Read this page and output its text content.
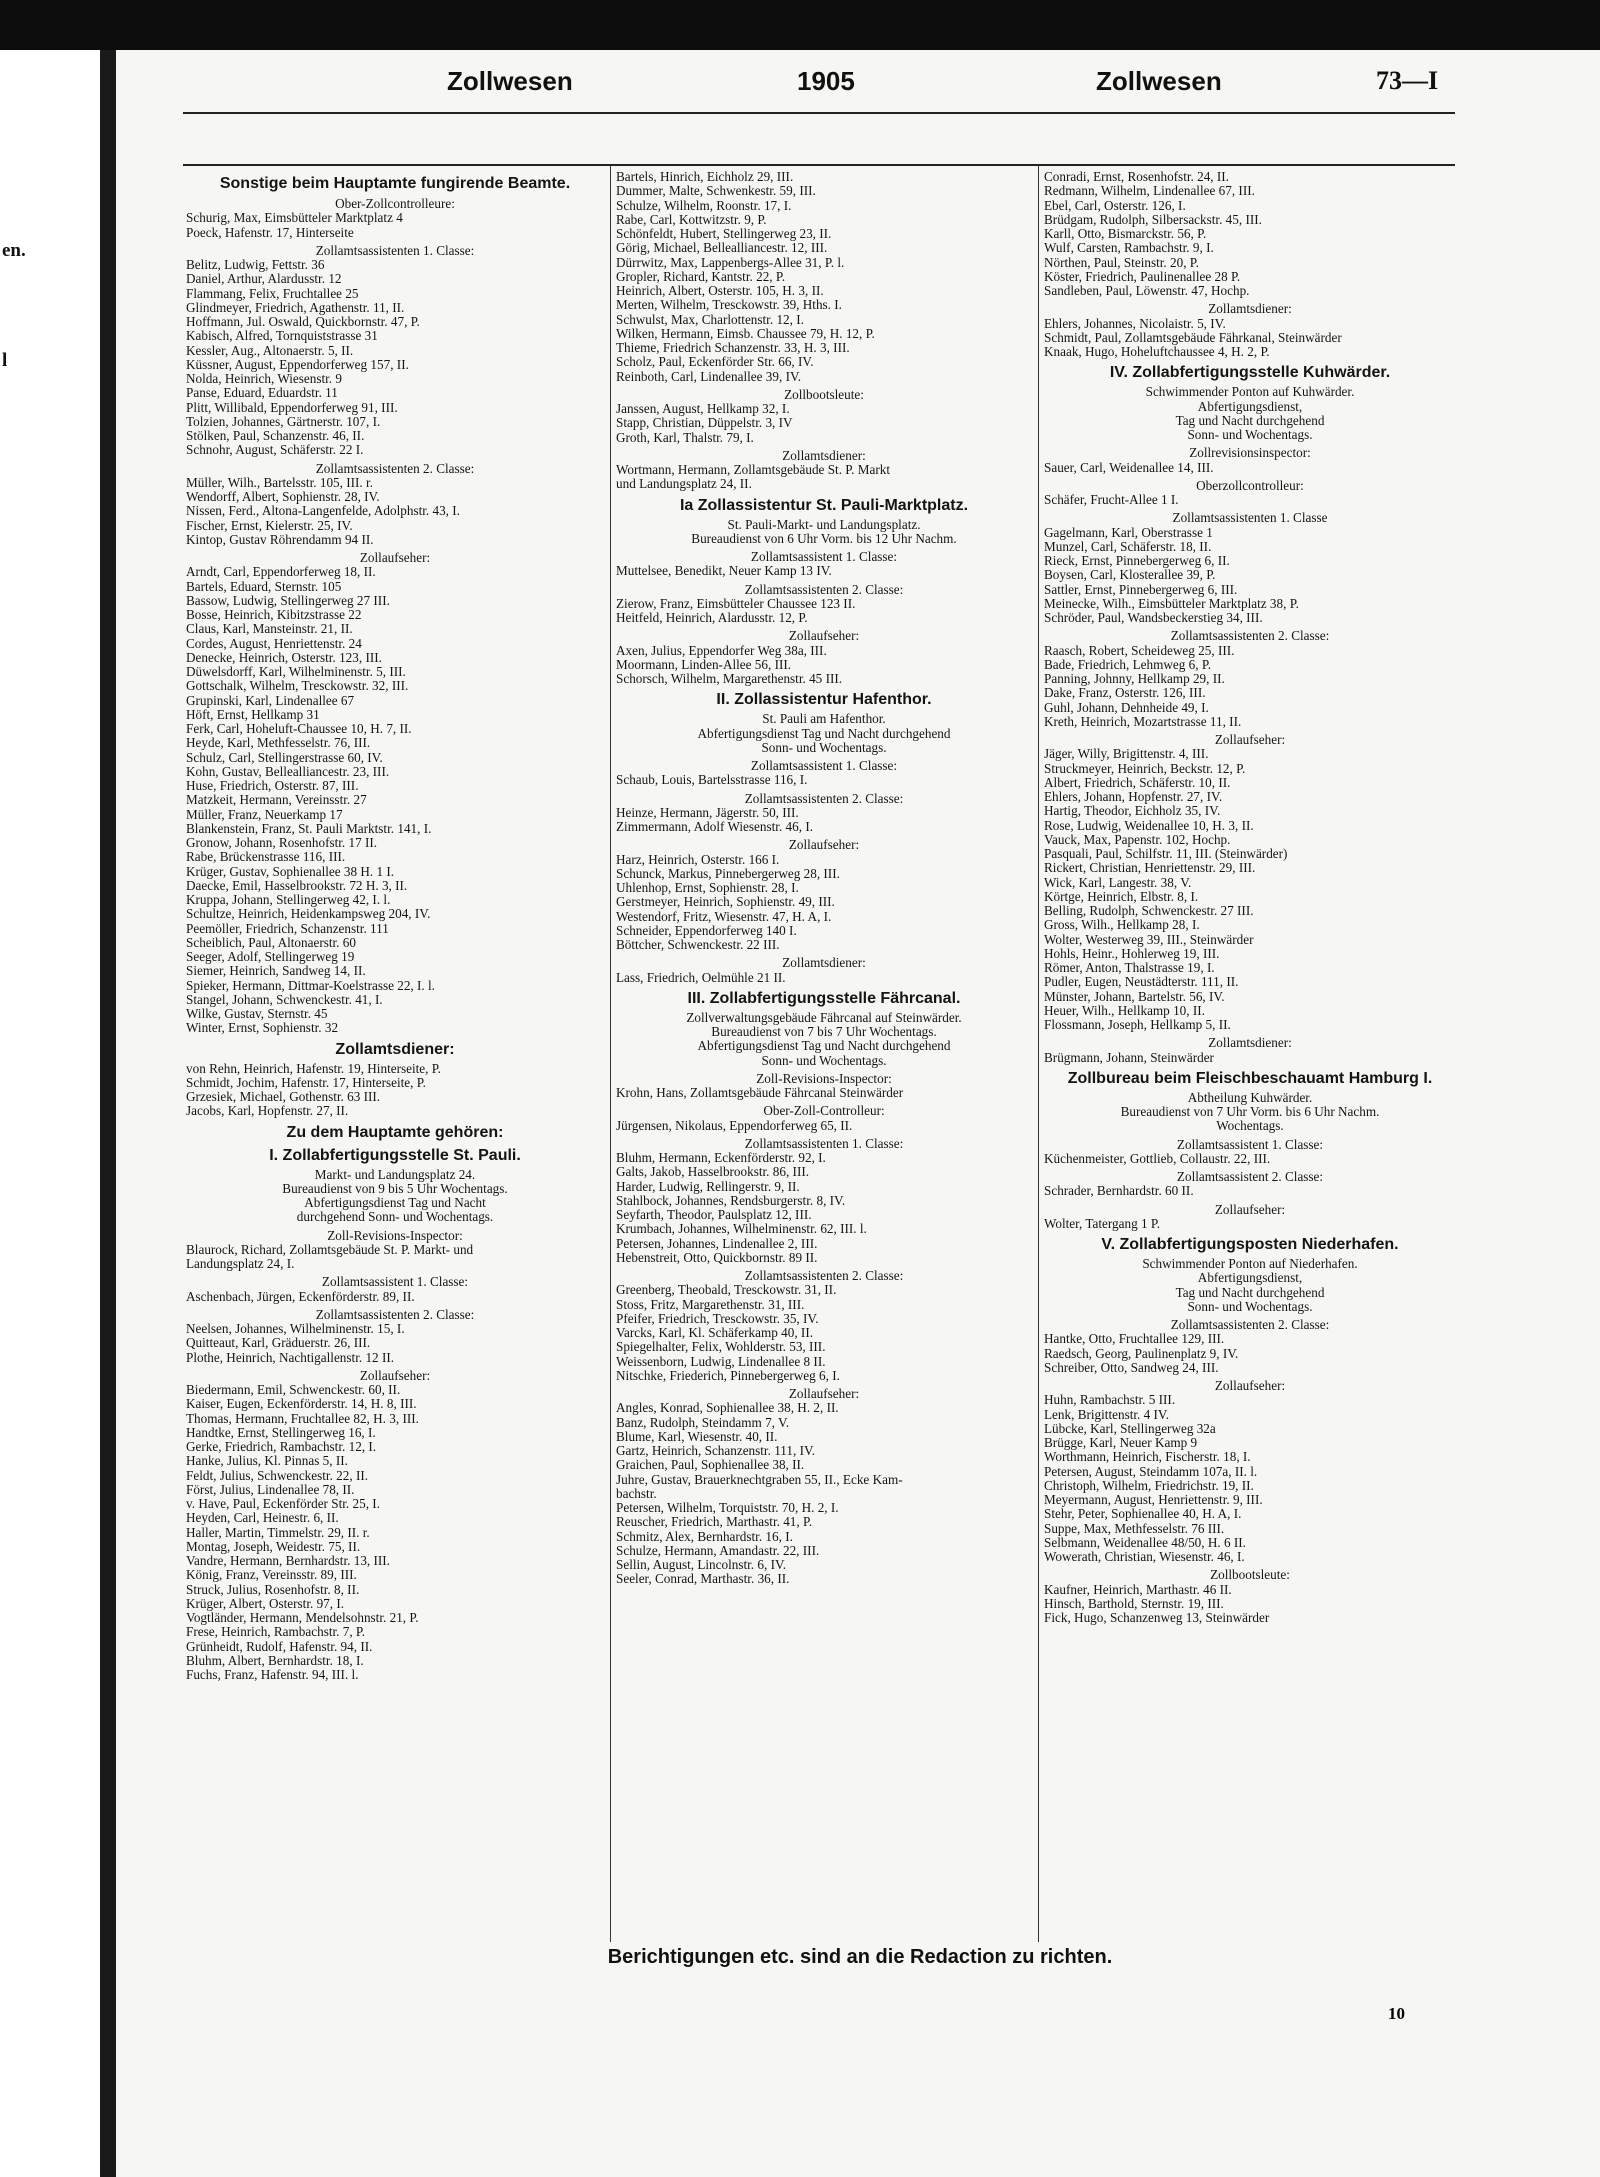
en.
l
Zollwesen	1905	Zollwesen	73—I
Sonstige beim Hauptamte fungirende Beamte.
Ober-Zollcontrolleure:
Schurig, Max, Eimsbütteler Marktplatz 4
Poeck, Hafenstr. 17, Hinterseite
Zollamtsassistenten 1. Classe:
Belitz, Ludwig, Fettstr. 36
Daniel, Arthur, Alardusstr. 12
Flammang, Felix, Fruchtallee 25
Glindmeyer, Friedrich, Agathenstr. 11, II.
Hoffmann, Jul. Oswald, Quickbornstr. 47, P.
Kabisch, Alfred, Tornquiststrasse 31
Kessler, Aug., Altonaerstr. 5, II.
Küssner, August, Eppendorferweg 157, II.
Nolda, Heinrich, Wiesenstr. 9
Panse, Eduard, Eduardstr. 11
Plitt, Willibald, Eppendorferweg 91, III.
Tolzien, Johannes, Gärtnerstr. 107, I.
Stölken, Paul, Schanzenstr. 46, II.
Schnohr, August, Schäferstr. 22 I.
Zollamtsassistenten 2. Classe:
Müller, Wilh., Bartelsstr. 105, III. r.
Wendorff, Albert, Sophienstr. 28, IV.
Nissen, Ferd., Altona-Langenfelde, Adolphstr. 43, I.
Fischer, Ernst, Kielerstr. 25, IV.
Kintop, Gustav Röhrendamm 94 II.
Zollaufseher:
Arndt, Carl, Eppendorferweg 18, II.
Bartels, Eduard, Sternstr. 105
Bassow, Ludwig, Stellingerweg 27 III.
Bosse, Heinrich, Kibitzstrasse 22
Claus, Karl, Mansteinstr. 21, II.
Cordes, August, Henriettenstr. 24
Denecke, Heinrich, Osterstr. 123, III.
Düwelsdorff, Karl, Wilhelminenstr. 5, III.
Gottschalk, Wilhelm, Tresckowstr. 32, III.
Grupinski, Karl, Lindenallee 67
Höft, Ernst, Hellkamp 31
Ferk, Carl, Hoheluft-Chaussee 10, H. 7, II.
Heyde, Karl, Methfesselstr. 76, III.
Schulz, Carl, Stellingerstrasse 60, IV.
Kohn, Gustav, Bellealliancestr. 23, III.
Huse, Friedrich, Osterstr. 87, III.
Matzkeit, Hermann, Vereinsstr. 27
Müller, Franz, Neuerkamp 17
Blankenstein, Franz, St. Pauli Marktstr. 141, I.
Gronow, Johann, Rosenhofstr. 17 II.
Rabe, Brückenstrasse 116, III.
Krüger, Gustav, Sophienallee 38 H. 1 I.
Daecke, Emil, Hasselbrookstr. 72 H. 3, II.
Kruppa, Johann, Stellingerweg 42, I. l.
Schultze, Heinrich, Heidenkampsweg 204, IV.
Peemöller, Friedrich, Schanzenstr. 111
Scheiblich, Paul, Altonaerstr. 60
Seeger, Adolf, Stellingerweg 19
Siemer, Heinrich, Sandweg 14, II.
Spieker, Hermann, Dittmar-Koelstrasse 22, I. l.
Stangel, Johann, Schwenckestr. 41, I.
Wilke, Gustav, Sternstr. 45
Winter, Ernst, Sophienstr. 32
Zollamtsdiener:
von Rehn, Heinrich, Hafenstr. 19, Hinterseite, P.
Schmidt, Jochim, Hafenstr. 17, Hinterseite, P.
Grzesiek, Michael, Gothenstr. 63 III.
Jacobs, Karl, Hopfenstr. 27, II.
Zu dem Hauptamte gehören:
I. Zollabfertigungsstelle St. Pauli.
Markt- und Landungsplatz 24.
Bureaudienst von 9 bis 5 Uhr Wochentags.
Abfertigungsdienst Tag und Nacht
durchgehend Sonn- und Wochentags.
Zoll-Revisions-Inspector:
Blaurock, Richard, Zollamtsgebäude St. P. Markt- und
Landungsplatz 24, I.
Zollamtsassistent 1. Classe:
Aschenbach, Jürgen, Eckenförderstr. 89, II.
Zollamtsassistenten 2. Classe:
Neelsen, Johannes, Wilhelminenstr. 15, I.
Quitteaut, Karl, Gräduerstr. 26, III.
Plothe, Heinrich, Nachtigallenstr. 12 II.
Zollaufseher:
Biedermann, Emil, Schwenckestr. 60, II.
Kaiser, Eugen, Eckenförderstr. 14, H. 8, III.
Thomas, Hermann, Fruchtallee 82, H. 3, III.
Handtke, Ernst, Stellingerweg 16, I.
Gerke, Friedrich, Rambachstr. 12, I.
Hanke, Julius, Kl. Pinnas 5, II.
Feldt, Julius, Schwenckestr. 22, II.
Först, Julius, Lindenallee 78, II.
v. Have, Paul, Eckenförder Str. 25, I.
Heyden, Carl, Heinestr. 6, II.
Haller, Martin, Timmelstr. 29, II. r.
Montag, Joseph, Weidestr. 75, II.
Vandre, Hermann, Bernhardstr. 13, III.
König, Franz, Vereinsstr. 89, III.
Struck, Julius, Rosenhofstr. 8, II.
Krüger, Albert, Osterstr. 97, I.
Vogtländer, Hermann, Mendelsohnstr. 21, P.
Frese, Heinrich, Rambachstr. 7, P.
Grünheidt, Rudolf, Hafenstr. 94, II.
Bluhm, Albert, Bernhardstr. 18, I.
Fuchs, Franz, Hafenstr. 94, III. l.
Bartels, Hinrich, Eichholz 29, III.
Dummer, Malte, Schwenkestr. 59, III.
Schulze, Wilhelm, Roonstr. 17, I.
Rabe, Carl, Kottwitzstr. 9, P.
Schönfeldt, Hubert, Stellingerweg 23, II.
Görig, Michael, Bellealliancestr. 12, III.
Dürrwitz, Max, Lappenbergs-Allee 31, P. l.
Gropler, Richard, Kantstr. 22, P.
Heinrich, Albert, Osterstr. 105, H. 3, II.
Merten, Wilhelm, Tresckowstr. 39, Hths. I.
Schwulst, Max, Charlottenstr. 12, I.
Wilken, Hermann, Eimsb. Chaussee 79, H. 12, P.
Thieme, Friedrich Schanzenstr. 33, H. 3, III.
Scholz, Paul, Eckenförder Str. 66, IV.
Reinboth, Carl, Lindenallee 39, IV.
Zollbootsleute:
Janssen, August, Hellkamp 32, I.
Stapp, Christian, Düppelstr. 3, IV
Groth, Karl, Thalstr. 79, I.
Zollamtsdiener:
Wortmann, Hermann, Zollamtsgebäude St. P. Markt
und Landungsplatz 24, II.
Ia Zollassistentur St. Pauli-Marktplatz.
St. Pauli-Markt- und Landungsplatz.
Bureaudienst von 6 Uhr Vorm. bis 12 Uhr Nachm.
Zollamtsassistent 1. Classe:
Muttelsee, Benedikt, Neuer Kamp 13 IV.
Zollamtsassistenten 2. Classe:
Zierow, Franz, Eimsbütteler Chaussee 123 II.
Heitfeld, Heinrich, Alardusstr. 12, P.
Zollaufseher:
Axen, Julius, Eppendorfer Weg 38a, III.
Moormann, Linden-Allee 56, III.
Schorsch, Wilhelm, Margarethenstr. 45 III.
II. Zollassistentur Hafenthor.
St. Pauli am Hafenthor.
Abfertigungsdienst Tag und Nacht durchgehend
Sonn- und Wochentags.
Zollamtsassistent 1. Classe:
Schaub, Louis, Bartelsstrasse 116, I.
Zollamtsassistenten 2. Classe:
Heinze, Hermann, Jägerstr. 50, III.
Zimmermann, Adolf Wiesenstr. 46, I.
Zollaufseher:
Harz, Heinrich, Osterstr. 166 I.
Schunck, Markus, Pinnebergerweg 28, III.
Uhlenhop, Ernst, Sophienstr. 28, I.
Gerstmeyer, Heinrich, Sophienstr. 49, III.
Westendorf, Fritz, Wiesenstr. 47, H. A, I.
Schneider, Eppendorferweg 140 I.
Böttcher, Schwenckestr. 22 III.
Zollamtsdiener:
Lass, Friedrich, Oelmühle 21 II.
III. Zollabfertigungsstelle Fährcanal.
Zollverwaltungsgebäude Fährcanal auf Steinwärder.
Bureaudienst von 7 bis 7 Uhr Wochentags.
Abfertigungsdienst Tag und Nacht durchgehend
Sonn- und Wochentags.
Zoll-Revisions-Inspector:
Krohn, Hans, Zollamtsgebäude Fährcanal Steinwärder
Ober-Zoll-Controlleur:
Jürgensen, Nikolaus, Eppendorferweg 65, II.
Zollamtsassistenten 1. Classe:
Bluhm, Hermann, Eckenförderstr. 92, I.
Galts, Jakob, Hasselbrookstr. 86, III.
Harder, Ludwig, Rellingerstr. 9, II.
Stahlbock, Johannes, Rendsburgerstr. 8, IV.
Seyfarth, Theodor, Paulsplatz 12, III.
Krumbach, Johannes, Wilhelminenstr. 62, III. l.
Petersen, Johannes, Lindenallee 2, III.
Hebenstreit, Otto, Quickbornstr. 89 II.
Zollamtsassistenten 2. Classe:
Greenberg, Theobald, Tresckowstr. 31, II.
Stoss, Fritz, Margarethenstr. 31, III.
Pfeifer, Friedrich, Tresckowstr. 35, IV.
Varcks, Karl, Kl. Schäferkamp 40, II.
Spiegelhalter, Felix, Wohlderstr. 53, III.
Weissenborn, Ludwig, Lindenallee 8 II.
Nitschke, Friederich, Pinnebergerweg 6, I.
Zollaufseher:
Angles, Konrad, Sophienallee 38, H. 2, II.
Banz, Rudolph, Steindamm 7, V.
Blume, Karl, Wiesenstr. 40, II.
Gartz, Heinrich, Schanzenstr. 111, IV.
Graichen, Paul, Sophienallee 38, II.
Juhre, Gustav, Brauerknechtgraben 55, II., Ecke Kam-
bachstr.
Petersen, Wilhelm, Torquiststr. 70, H. 2, I.
Reuscher, Friedrich, Marthastr. 41, P.
Schmitz, Alex, Bernhardstr. 16, I.
Schulze, Hermann, Amandastr. 22, III.
Sellin, August, Lincolnstr. 6, IV.
Seeler, Conrad, Marthastr. 36, II.
Conradi, Ernst, Rosenhofstr. 24, II.
Redmann, Wilhelm, Lindenallee 67, III.
Ebel, Carl, Osterstr. 126, I.
Brüdgam, Rudolph, Silbersackstr. 45, III.
Karll, Otto, Bismarckstr. 56, P.
Wulf, Carsten, Rambachstr. 9, I.
Nörthen, Paul, Steinstr. 20, P.
Köster, Friedrich, Paulinenallee 28 P.
Sandleben, Paul, Löwenstr. 47, Hochp.
Zollamtsdiener:
Ehlers, Johannes, Nicolaistr. 5, IV.
Schmidt, Paul, Zollamtsgebäude Fährkanal, Steinwärder
Knaak, Hugo, Hoheluftchaussee 4, H. 2, P.
IV. Zollabfertigungsstelle Kuhwärder.
Schwimmender Ponton auf Kuhwärder.
Abfertigungsdienst,
Tag und Nacht durchgehend
Sonn- und Wochentags.
Zollrevisionsinspector:
Sauer, Carl, Weidenallee 14, III.
Oberzollcontrolleur:
Schäfer, Frucht-Allee 1 I.
Zollamtsassistenten 1. Classe
Gagelmann, Karl, Oberstrasse 1
Munzel, Carl, Schäferstr. 18, II.
Rieck, Ernst, Pinnebergerweg 6, II.
Boysen, Carl, Klosterallee 39, P.
Sattler, Ernst, Pinnebergerweg 6, III.
Meinecke, Wilh., Eimsbütteler Marktplatz 38, P.
Schröder, Paul, Wandsbeckerstieg 34, III.
Zollamtsassistenten 2. Classe:
Raasch, Robert, Scheideweg 25, III.
Bade, Friedrich, Lehmweg 6, P.
Panning, Johnny, Hellkamp 29, II.
Dake, Franz, Osterstr. 126, III.
Guhl, Johann, Dehnheide 49, I.
Kreth, Heinrich, Mozartstrasse 11, II.
Zollaufseher:
Jäger, Willy, Brigittenstr. 4, III.
Struckmeyer, Heinrich, Beckstr. 12, P.
Albert, Friedrich, Schäferstr. 10, II.
Ehlers, Johann, Hopfenstr. 27, IV.
Hartig, Theodor, Eichholz 35, IV.
Rose, Ludwig, Weidenallee 10, H. 3, II.
Vauck, Max, Papenstr. 102, Hochp.
Pasquali, Paul, Schilfstr. 11, III. (Steinwärder)
Rickert, Christian, Henriettenstr. 29, III.
Wick, Karl, Langestr. 38, V.
Körtge, Heinrich, Elbstr. 8, I.
Belling, Rudolph, Schwenckestr. 27 III.
Gross, Wilh., Hellkamp 28, I.
Wolter, Westerweg 39, III., Steinwärder
Hohls, Heinr., Hohlerweg 19, III.
Römer, Anton, Thalstrasse 19, I.
Pudler, Eugen, Neustädterstr. 111, II.
Münster, Johann, Bartelstr. 56, IV.
Heuer, Wilh., Hellkamp 10, II.
Flossmann, Joseph, Hellkamp 5, II.
Zollamtsdiener:
Brügmann, Johann, Steinwärder
Zollbureau beim Fleischbeschauamt Hamburg I.
Abtheilung Kuhwärder.
Bureaudienst von 7 Uhr Vorm. bis 6 Uhr Nachm.
Wochentags.
Zollamtsassistent 1. Classe:
Küchenmeister, Gottlieb, Collaustr. 22, III.
Zollamtsassistent 2. Classe:
Schrader, Bernhardstr. 60 II.
Zollaufseher:
Wolter, Tatergang 1 P.
V. Zollabfertigungsposten Niederhafen.
Schwimmender Ponton auf Niederhafen.
Abfertigungsdienst,
Tag und Nacht durchgehend
Sonn- und Wochentags.
Zollamtsassistenten 2. Classe:
Hantke, Otto, Fruchtallee 129, III.
Raedsch, Georg, Paulinenplatz 9, IV.
Schreiber, Otto, Sandweg 24, III.
Zollaufseher:
Huhn, Rambachstr. 5 III.
Lenk, Brigittenstr. 4 IV.
Lübcke, Karl, Stellingerweg 32a
Brügge, Karl, Neuer Kamp 9
Worthmann, Heinrich, Fischerstr. 18, I.
Petersen, August, Steindamm 107a, II. l.
Christoph, Wilhelm, Friedrichstr. 19, II.
Meyermann, August, Henriettenstr. 9, III.
Stehr, Peter, Sophienallee 40, H. A, I.
Suppe, Max, Methfesselstr. 76 III.
Selbmann, Weidenallee 48/50, H. 6 II.
Wowerath, Christian, Wiesenstr. 46, I.
Zollbootsleute:
Kaufner, Heinrich, Marthastr. 46 II.
Hinsch, Barthold, Sternstr. 19, III.
Fick, Hugo, Schanzenweg 13, Steinwärder
Berichtigungen etc. sind an die Redaction zu richten.
10
